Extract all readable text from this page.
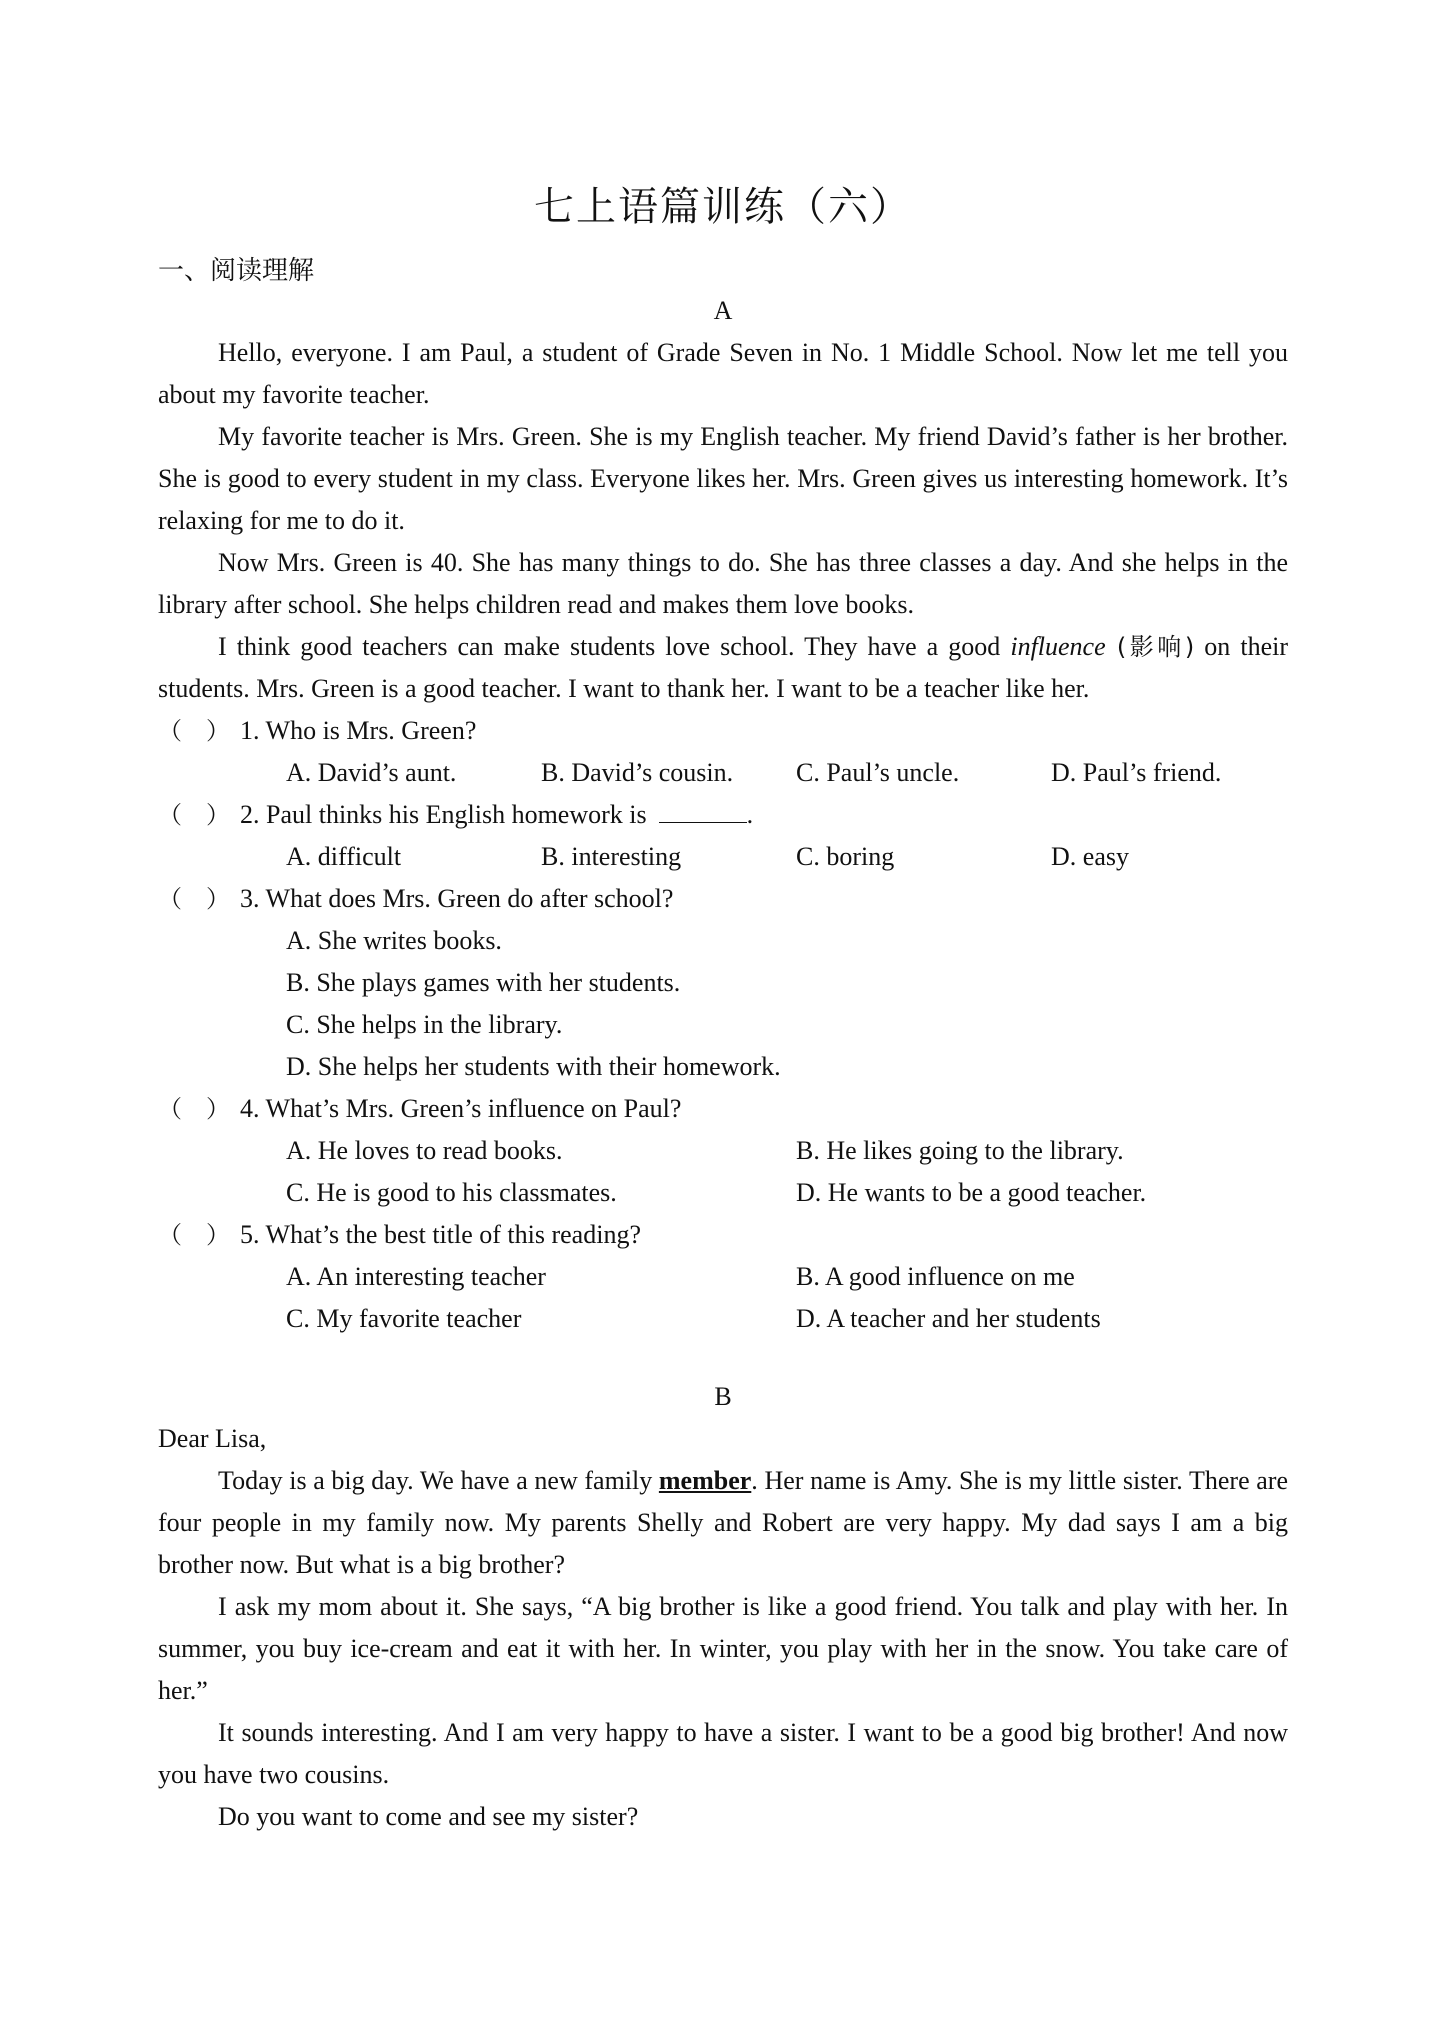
七上语篇训练（六）
一、阅读理解
A

Hello, everyone. I am Paul, a student of Grade Seven in No. 1 Middle School. Now let me tell you about my favorite teacher.

My favorite teacher is Mrs. Green. She is my English teacher. My friend David’s father is her brother. She is good to every student in my class. Everyone likes her. Mrs. Green gives us interesting homework. It’s relaxing for me to do it.

Now Mrs. Green is 40. She has many things to do. She has three classes a day. And she helps in the library after school. She helps children read and makes them love books.

I think good teachers can make students love school. They have a good influence (影响) on their students. Mrs. Green is a good teacher. I want to thank her. I want to be a teacher like her.

（　） 1. Who is Mrs. Green?
A. David’s aunt.	B. David’s cousin.	C. Paul’s uncle.	D. Paul’s friend.
（　） 2. Paul thinks his English homework is	.
A. difficult	B. interesting	C. boring	D. easy
（　） 3. What does Mrs. Green do after school?
A. She writes books.
B. She plays games with her students.
C. She helps in the library.
D. She helps her students with their homework.
（　） 4. What’s Mrs. Green’s influence on Paul?
A. He loves to read books.	B. He likes going to the library.
C. He is good to his classmates.	D. He wants to be a good teacher.
（　） 5. What’s the best title of this reading?
A. An interesting teacher	B. A good influence on me
C. My favorite teacher	D. A teacher and her students
B

Dear Lisa,

Today is a big day. We have a new family member. Her name is Amy. She is my little sister. There are four people in my family now. My parents Shelly and Robert are very happy. My dad says I am a big brother now. But what is a big brother?

I ask my mom about it. She says, “A big brother is like a good friend. You talk and play with her. In summer, you buy ice-cream and eat it with her. In winter, you play with her in the snow. You take care of her.”

It sounds interesting. And I am very happy to have a sister. I want to be a good big brother! And now you have two cousins.

Do you want to come and see my sister?
